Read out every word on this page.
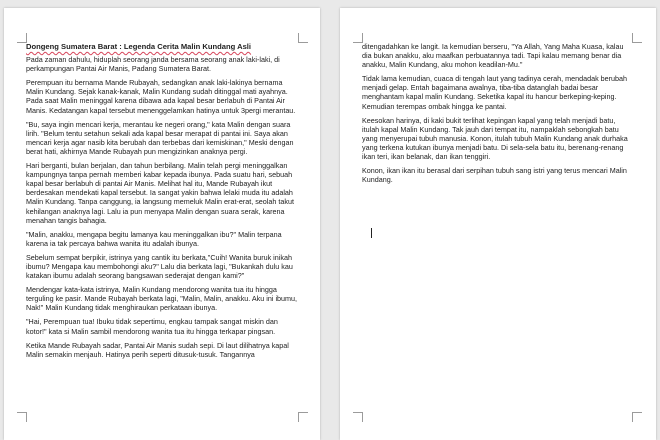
Dongeng Sumatera Barat : Legenda Cerita Malin Kundang Asli

Pada zaman dahulu, hiduplah seorang janda bersama seorang anak laki-laki, di perkampungan Pantai Air Manis, Padang Sumatera Barat.

Perempuan itu bernama Mande Rubayah, sedangkan anak laki-lakinya bernama Malin Kundang. Sejak kanak-kanak, Malin Kundang sudah ditinggal mati ayahnya. Pada saat Malin meninggal karena dibawa ada kapal besar berlabuh di Pantai Air Manis. Kedatangan kapal tersebut menenggelamkan hatinya untuk 3pergi merantau.

"Bu, saya ingin mencari kerja, merantau ke negeri orang," kata Malin dengan suara lirih. "Belum tentu setahun sekali ada kapal besar merapat di pantai ini. Saya akan mencari kerja agar nasib kita berubah dan terbebas dari kemiskinan," Meski dengan berat hati, akhirnya Mande Rubayah pun mengizinkan anaknya pergi.

Hari berganti, bulan berjalan, dan tahun berbilang. Malin telah pergi meninggalkan kampungnya tanpa pernah memberi kabar kepada ibunya. Pada suatu hari, sebuah kapal besar berlabuh di pantai Air Manis. Melihat hal itu, Mande Rubayah ikut berdesakan mendekati kapal tersebut. Ia sangat yakin bahwa lelaki muda itu adalah Malin Kundang. Tanpa canggung, ia langsung memeluk Malin erat-erat, seolah takut kehilangan anaknya lagi. Lalu ia pun menyapa Malin dengan suara serak, karena menahan tangis bahagia.

"Malin, anakku, mengapa begitu lamanya kau meninggalkan ibu?" Malin terpana karena ia tak percaya bahwa wanita itu adalah ibunya.

Sebelum sempat berpikir, istrinya yang cantik itu berkata,"Cuih! Wanita buruk inikah ibumu? Mengapa kau membohongi aku?" Lalu dia berkata lagi, "Bukankah dulu kau katakan ibumu adalah seorang bangsawan sederajat dengan kami?"

Mendengar kata-kata istrinya, Malin Kundang mendorong wanita tua itu hingga terguling ke pasir. Mande Rubayah berkata lagi, "Malin, Malin, anakku. Aku ini ibumu, Nak!" Malin Kundang tidak menghiraukan perkataan ibunya.

"Hai, Perempuan tua! Ibuku tidak sepertimu, engkau tampak sangat miskin dan kotor!" kata si Malin sambil mendorong wanita tua itu hingga terkapar pingsan.

Ketika Mande Rubayah sadar, Pantai Air Manis sudah sepi. Di laut dilihatnya kapal Malin semakin menjauh. Hatinya perih seperti ditusuk-tusuk. Tangannya

ditengadahkan ke langit. Ia kemudian berseru, "Ya Allah, Yang Maha Kuasa, kalau dia bukan anakku, aku maafkan perbuatannya tadi. Tapi kalau memang benar dia anakku, Malin Kundang, aku mohon keadilan-Mu."

Tidak lama kemudian, cuaca di tengah laut yang tadinya cerah, mendadak berubah menjadi gelap. Entah bagaimana awalnya, tiba-tiba datanglah badai besar menghantam kapal malin Kundang. Seketika kapal itu hancur berkeping-keping. Kemudian terempas ombak hingga ke pantai.

Keesokan harinya, di kaki bukit terlihat kepingan kapal yang telah menjadi batu, itulah kapal Malin Kundang. Tak jauh dari tempat itu, nampaklah sebongkah batu yang menyerupai tubuh manusia. Konon, itulah tubuh Malin Kundang anak durhaka yang terkena kutukan ibunya menjadi batu. Di sela-sela batu itu, berenang-renang ikan teri, ikan belanak, dan ikan tenggiri.

Konon, ikan ikan itu berasal dari serpihan tubuh sang istri yang terus mencari Malin Kundang.
